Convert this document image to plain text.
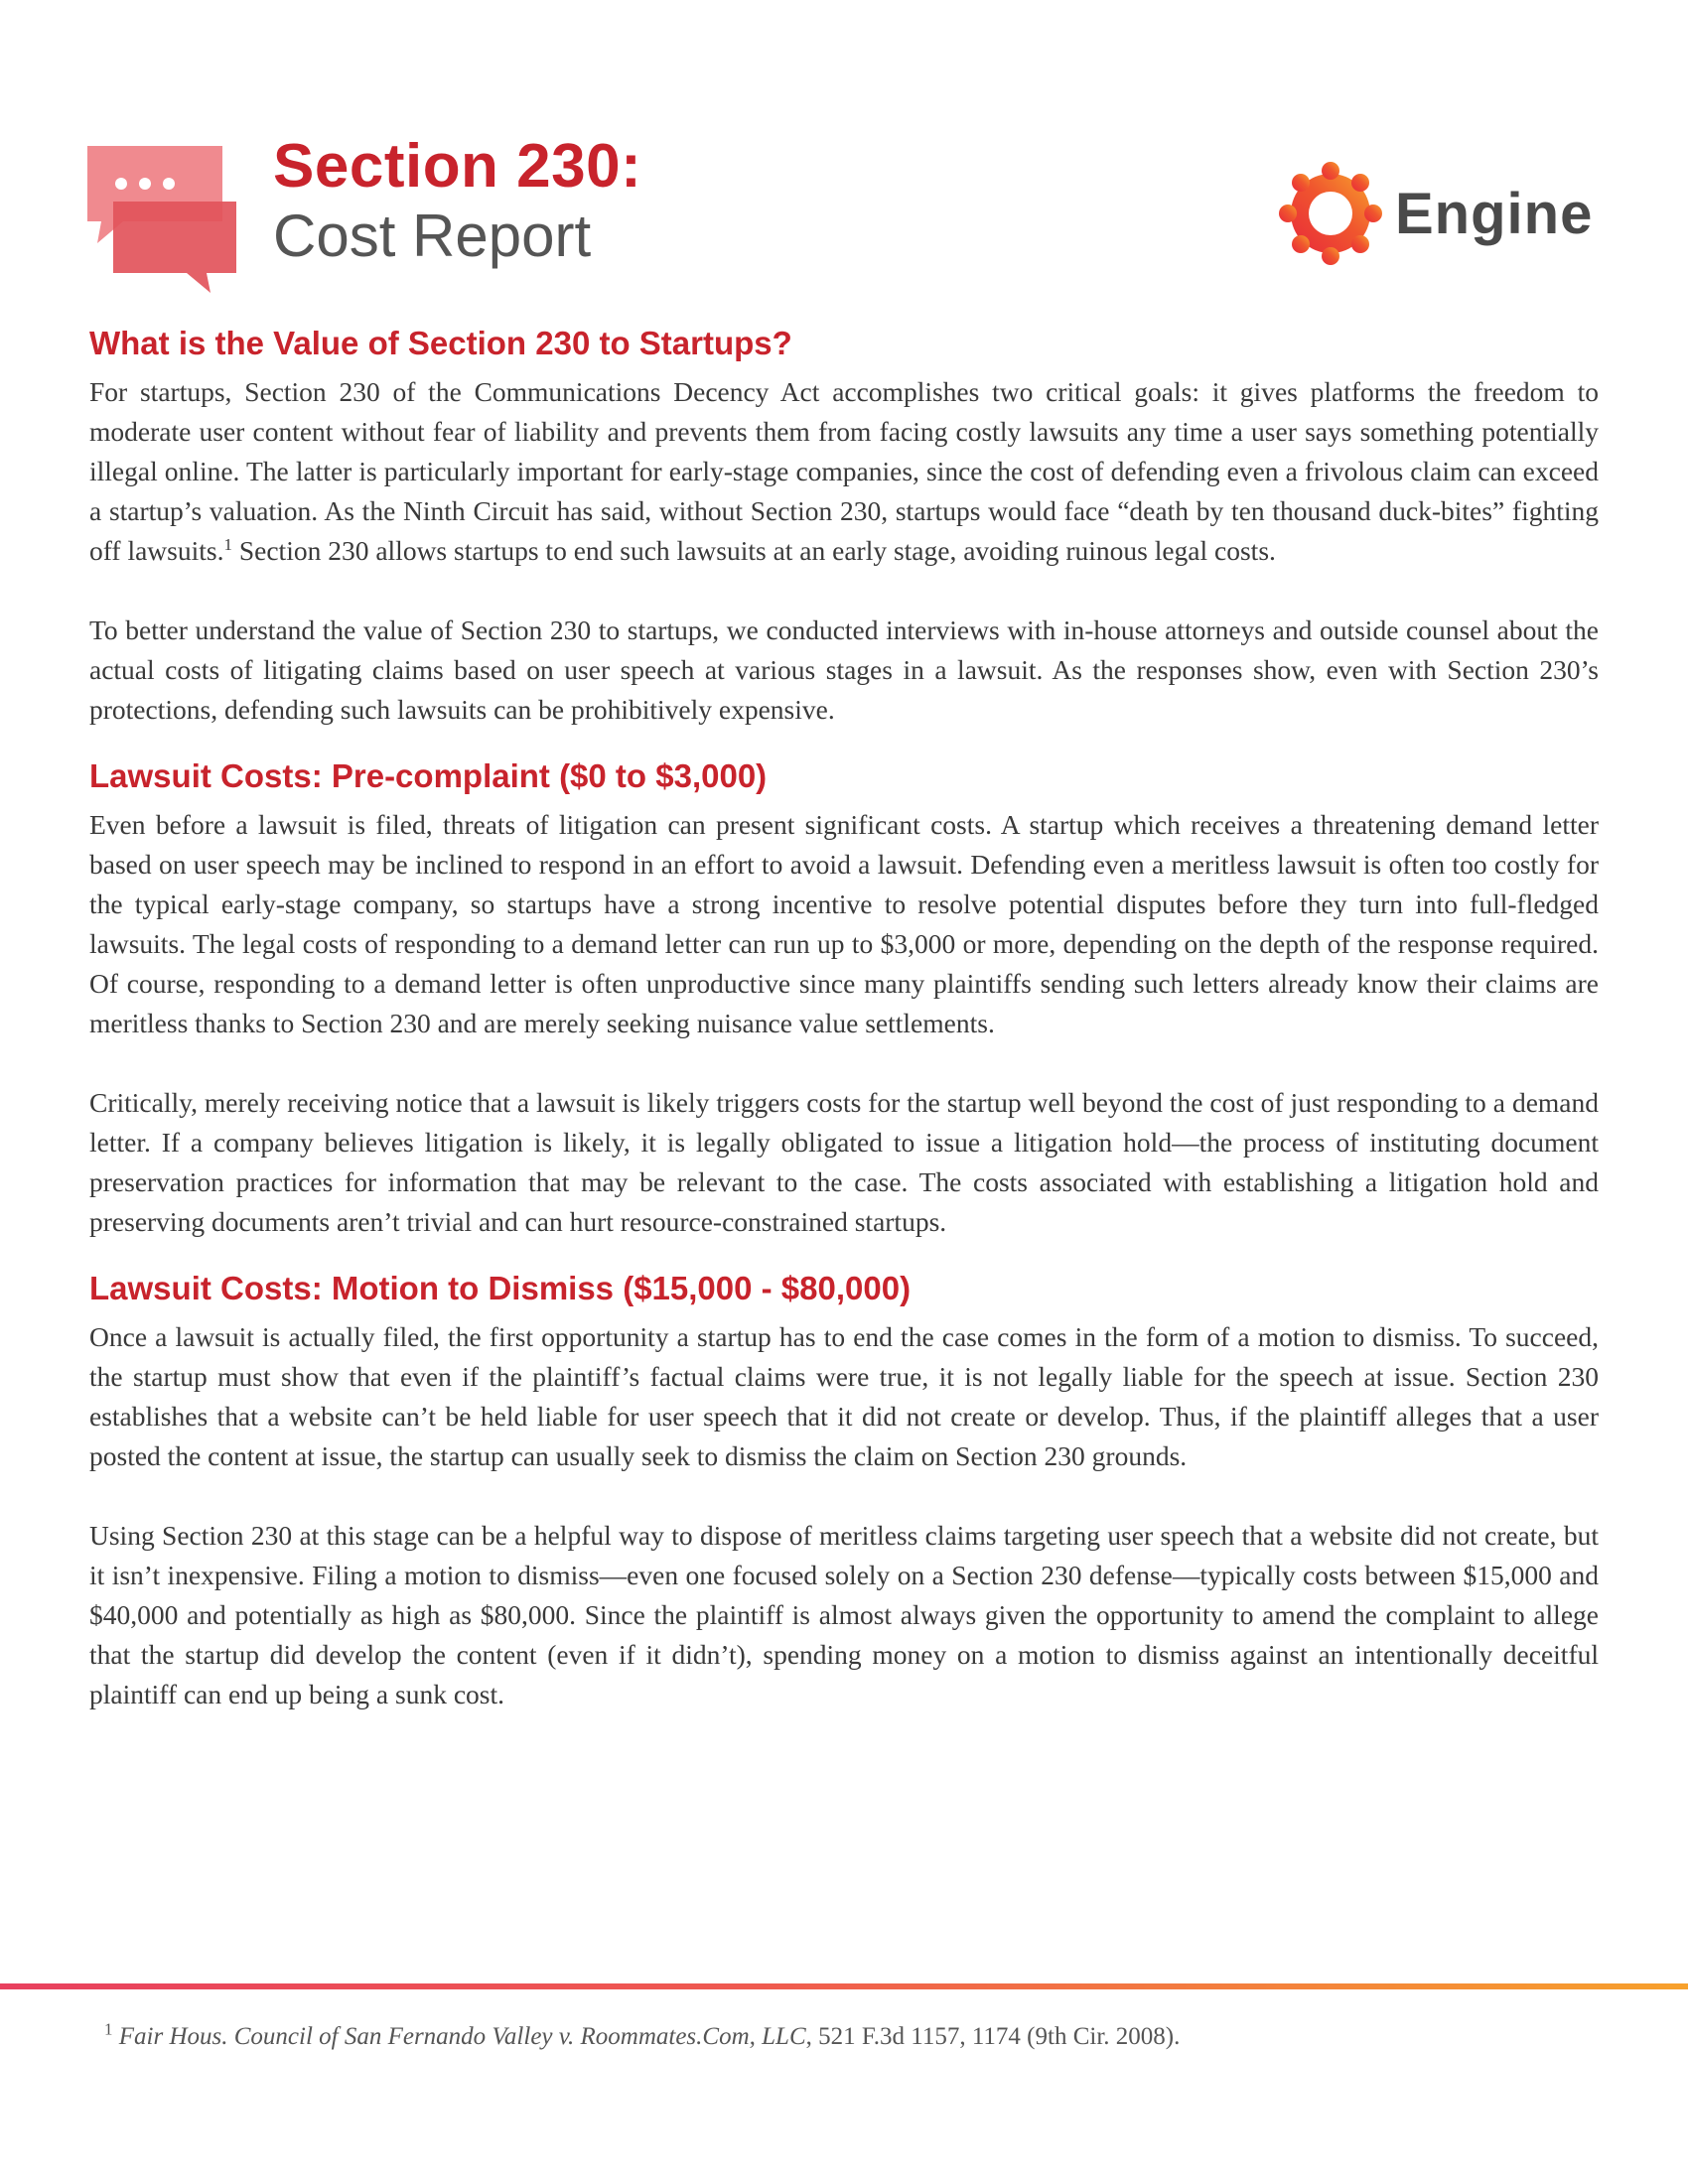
Section 230:
Cost Report	Engine
What is the Value of Section 230 to Startups?

For startups, Section 230 of the Communications Decency Act accomplishes two critical goals: it gives platforms the freedom to moderate user content without fear of liability and prevents them from facing costly lawsuits any time a user says something potentially illegal online. The latter is particularly important for early-stage companies, since the cost of defending even a frivolous claim can exceed a startup’s valuation. As the Ninth Circuit has said, without Section 230, startups would face “death by ten thousand duck-bites” fighting off lawsuits.$^1$ Section 230 allows startups to end such lawsuits at an early stage, avoiding ruinous legal costs.

To better understand the value of Section 230 to startups, we conducted interviews with in-house attorneys and outside counsel about the actual costs of litigating claims based on user speech at various stages in a lawsuit. As the responses show, even with Section 230’s protections, defending such lawsuits can be prohibitively expensive.

Lawsuit Costs: Pre-complaint ($0 to $3,000)

Even before a lawsuit is filed, threats of litigation can present significant costs. A startup which receives a threatening demand letter based on user speech may be inclined to respond in an effort to avoid a lawsuit. Defending even a meritless lawsuit is often too costly for the typical early-stage company, so startups have a strong incentive to resolve potential disputes before they turn into full-fledged lawsuits. The legal costs of responding to a demand letter can run up to $3,000 or more, depending on the depth of the response required. Of course, responding to a demand letter is often unproductive since many plaintiffs sending such letters already know their claims are meritless thanks to Section 230 and are merely seeking nuisance value settlements.

Critically, merely receiving notice that a lawsuit is likely triggers costs for the startup well beyond the cost of just responding to a demand letter. If a company believes litigation is likely, it is legally obligated to issue a litigation hold—the process of instituting document preservation practices for information that may be relevant to the case. The costs associated with establishing a litigation hold and preserving documents aren’t trivial and can hurt resource-constrained startups.

Lawsuit Costs: Motion to Dismiss ($15,000 - $80,000)

Once a lawsuit is actually filed, the first opportunity a startup has to end the case comes in the form of a motion to dismiss. To succeed, the startup must show that even if the plaintiff’s factual claims were true, it is not legally liable for the speech at issue. Section 230 establishes that a website can’t be held liable for user speech that it did not create or develop. Thus, if the plaintiff alleges that a user posted the content at issue, the startup can usually seek to dismiss the claim on Section 230 grounds.

Using Section 230 at this stage can be a helpful way to dispose of meritless claims targeting user speech that a website did not create, but it isn’t inexpensive. Filing a motion to dismiss—even one focused solely on a Section 230 defense—typically costs between $15,000 and $40,000 and potentially as high as $80,000. Since the plaintiff is almost always given the opportunity to amend the complaint to allege that the startup did develop the content (even if it didn’t), spending money on a motion to dismiss against an intentionally deceitful plaintiff can end up being a sunk cost.

$^1$ Fair Hous. Council of San Fernando Valley v. Roommates.Com, LLC, 521 F.3d 1157, 1174 (9th Cir. 2008).
